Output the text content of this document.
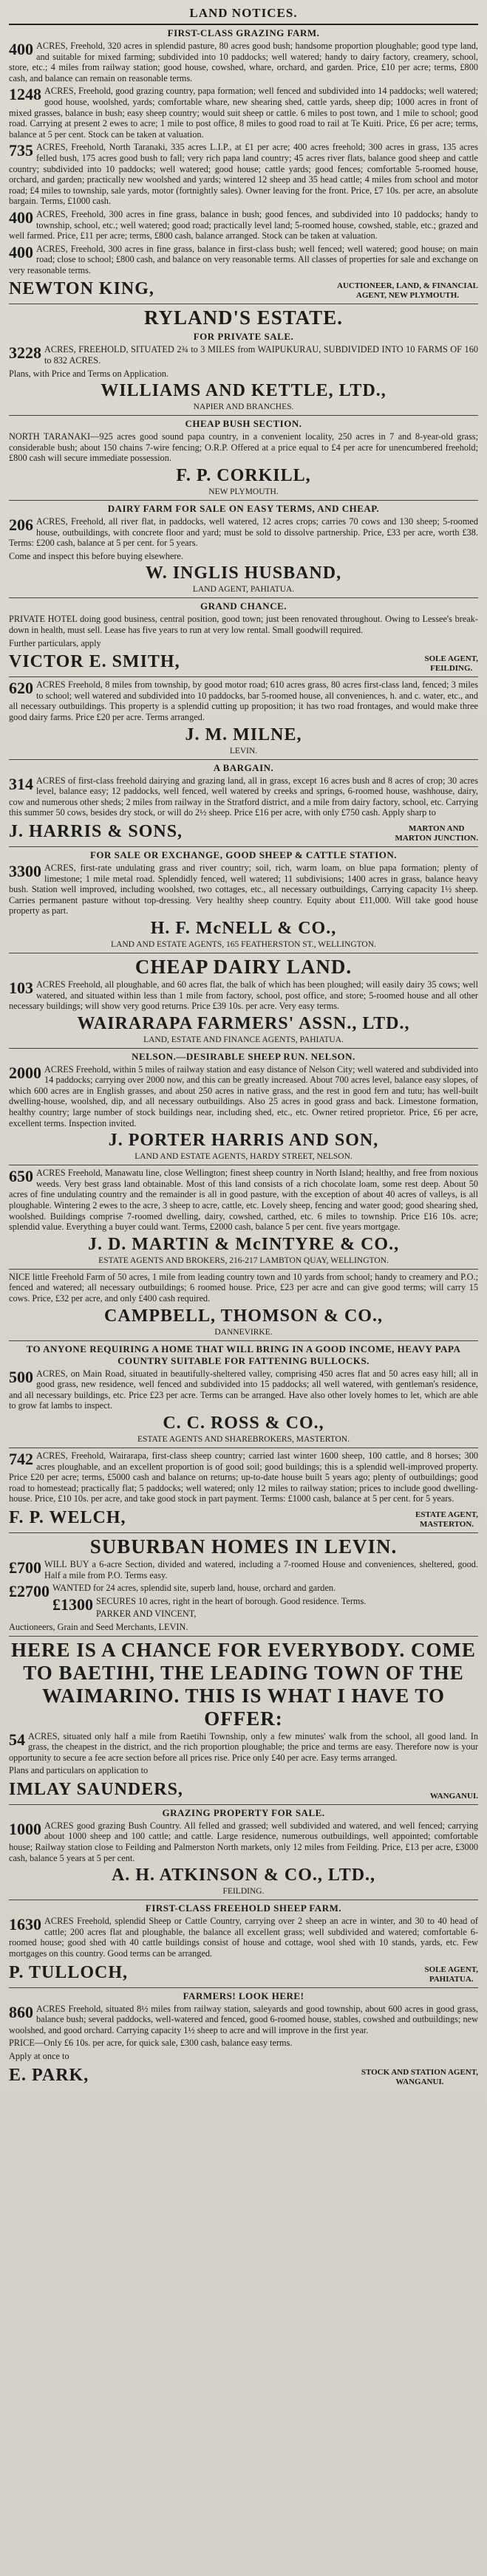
LAND NOTICES.
FIRST-CLASS GRAZING FARM.

400 ACRES, Freehold, 320 acres in splendid pasture, 80 acres good bush; handsome proportion ploughable; good type land, and suitable for mixed farming; subdivided into 10 paddocks; well watered; handy to dairy factory, creamery, school, store, etc.; 4 miles from railway station; good house, cowshed, whare, orchard, and garden. Price, £10 per acre; terms, £800 cash, and balance can remain on reasonable terms.

1248 ACRES, Freehold, good grazing country, papa formation; well fenced and subdivided into 14 paddocks; well watered; good house, woolshed, yards; comfortable whare, new shearing shed, cattle yards, sheep dip; 1000 acres in front of mixed grasses, balance in bush; easy sheep country; would suit sheep or cattle. 6 miles to post town, and 1 mile to school; good road. Carrying at present 2 ewes to acre; 1 mile to post office, 8 miles to good road to rail at Te Kuiti. Price, £6 per acre; terms, balance at 5 per cent. Stock can be taken at valuation.

735 ACRES, Freehold, North Taranaki, 335 acres L.I.P., at £1 per acre; 400 acres freehold; 300 acres in grass, 135 acres felled bush, 175 acres good bush to fall; very rich papa land country; 45 acres river flats, balance good sheep and cattle country; subdivided into 10 paddocks; well watered; good house; cattle yards; good fences; comfortable 5-roomed house, orchard, and garden; practically new woolshed and yards; wintered 12 sheep and 35 head cattle; 4 miles from school and motor road; £4 miles to township, sale yards, motor (fortnightly sales). Owner leaving for the front. Price, £7 10s. per acre, an absolute bargain. Terms, £1000 cash.

400 ACRES, Freehold, 300 acres in fine grass, balance in bush; good fences, and subdivided into 10 paddocks; handy to township, school, etc.; well watered; good road; practically level land; 5-roomed house, cowshed, stable, etc.; grazed and well farmed. Price, £11 per acre; terms, £800 cash, balance arranged. Stock can be taken at valuation.

400 ACRES, Freehold, 300 acres in fine grass, balance in first-class bush; well fenced; well watered; good house; on main road; close to school; £800 cash, and balance on very reasonable terms. All classes of properties for sale and exchange on very reasonable terms.

NEWTON KING,	AUCTIONEER, LAND, & FINANCIAL
AGENT, NEW PLYMOUTH.
RYLAND'S ESTATE.
FOR PRIVATE SALE.

3228 ACRES, FREEHOLD, SITUATED 2¾ to 3 MILES from WAIPUKURAU, SUBDIVIDED INTO 10 FARMS OF 160 to 832 ACRES.

Plans, with Price and Terms on Application.

WILLIAMS AND KETTLE, LTD.,
NAPIER AND BRANCHES.
CHEAP BUSH SECTION.

NORTH TARANAKI—925 acres good sound papa country, in a convenient locality, 250 acres in 7 and 8-year-old grass; considerable bush; about 150 chains 7-wire fencing; O.R.P. Offered at a price equal to £4 per acre for unencumbered freehold; £800 cash will secure immediate possession.

F. P. CORKILL,
NEW PLYMOUTH.
DAIRY FARM FOR SALE ON EASY TERMS, AND CHEAP.

206 ACRES, Freehold, all river flat, in paddocks, well watered, 12 acres crops; carries 70 cows and 130 sheep; 5-roomed house, outbuildings, with concrete floor and yard; must be sold to dissolve partnership. Price, £33 per acre, worth £38. Terms: £200 cash, balance at 5 per cent. for 5 years.

Come and inspect this before buying elsewhere.

W. INGLIS HUSBAND,
LAND AGENT, PAHIATUA.
GRAND CHANCE.

PRIVATE HOTEL doing good business, central position, good town; just been renovated throughout. Owing to Lessee's break-down in health, must sell. Lease has five years to run at very low rental. Small goodwill required.

Further particulars, apply

VICTOR E. SMITH,	SOLE AGENT,
FEILDING.

620 ACRES Freehold, 8 miles from township, by good motor road; 610 acres grass, 80 acres first-class land, fenced; 3 miles to school; well watered and subdivided into 10 paddocks, bar 5-roomed house, all conveniences, h. and c. water, etc., and all necessary outbuildings. This property is a splendid cutting up proposition; it has two road frontages, and would make three good dairy farms. Price £20 per acre. Terms arranged.

J. M. MILNE,
LEVIN.
A BARGAIN.

314 ACRES of first-class freehold dairying and grazing land, all in grass, except 16 acres bush and 8 acres of crop; 30 acres level, balance easy; 12 paddocks, well fenced, well watered by creeks and springs, 6-roomed house, washhouse, dairy, cow and numerous other sheds; 2 miles from railway in the Stratford district, and a mile from dairy factory, school, etc. Carrying this summer 50 cows, besides dry stock, or will do 2½ sheep. Price £16 per acre, with only £750 cash. Apply sharp to

J. HARRIS & SONS,	MARTON AND
MARTON JUNCTION.
FOR SALE OR EXCHANGE, GOOD SHEEP & CATTLE STATION.

3300 ACRES, first-rate undulating grass and river country; soil, rich, warm loam, on blue papa formation; plenty of limestone; 1 mile metal road. Splendidly fenced, well watered; 11 subdivisions; 1400 acres in grass, balance heavy bush. Station well improved, including woolshed, two cottages, etc., all necessary outbuildings, Carrying capacity 1½ sheep. Carries permanent pasture without top-dressing. Very healthy sheep country. Equity about £11,000. Will take good house property as part.

H. F. McNELL & CO.,
LAND AND ESTATE AGENTS, 165 FEATHERSTON ST., WELLINGTON.
CHEAP DAIRY LAND.

103 ACRES Freehold, all ploughable, and 60 acres flat, the balk of which has been ploughed; will easily dairy 35 cows; well watered, and situated within less than 1 mile from factory, school, post office, and store; 5-roomed house and all other necessary buildings; will show very good returns. Price £39 10s. per acre. Very easy terms.

WAIRARAPA FARMERS' ASSN., LTD.,
LAND, ESTATE AND FINANCE AGENTS, PAHIATUA.
NELSON.—DESIRABLE SHEEP RUN. NELSON.

2000 ACRES Freehold, within 5 miles of railway station and easy distance of Nelson City; well watered and subdivided into 14 paddocks; carrying over 2000 now, and this can be greatly increased. About 700 acres level, balance easy slopes, of which 600 acres are in English grasses, and about 250 acres in native grass, and the rest in good fern and tutu; has well-built dwelling-house, woolshed, dip, and all necessary outbuildings. Also 25 acres in good grass and back. Limestone formation, healthy country; large number of stock buildings near, including shed, etc., etc. Owner retired proprietor. Price, £6 per acre, excellent terms. Inspection invited.

J. PORTER HARRIS AND SON,
LAND AND ESTATE AGENTS, HARDY STREET, NELSON.

650 ACRES Freehold, Manawatu line, close Wellington; finest sheep country in North Island; healthy, and free from noxious weeds. Very best grass land obtainable. Most of this land consists of a rich chocolate loam, some rest deep. About 50 acres of fine undulating country and the remainder is all in good pasture, with the exception of about 40 acres of valleys, is all ploughable. Wintering 2 ewes to the acre, 3 sheep to acre, cattle, etc. Lovely sheep, fencing and water good; good shearing shed, woolshed. Buildings comprise 7-roomed dwelling, dairy, cowshed, carthed, etc. 6 miles to township. Price £16 10s. acre; splendid value. Everything a buyer could want. Terms, £2000 cash, balance 5 per cent. five years mortgage.

J. D. MARTIN & McINTYRE & CO.,
ESTATE AGENTS AND BROKERS, 216-217 LAMBTON QUAY, WELLINGTON.

NICE little Freehold Farm of 50 acres, 1 mile from leading country town and 10 yards from school; handy to creamery and P.O.; fenced and watered; all necessary outbuildings; 6 roomed house. Price, £23 per acre and can give good terms; will carry 15 cows. Price, £32 per acre, and only £400 cash required.

CAMPBELL, THOMSON & CO.,
DANNEVIRKE.
TO ANYONE REQUIRING A HOME THAT WILL BRING IN A GOOD INCOME, HEAVY PAPA COUNTRY SUITABLE FOR FATTENING BULLOCKS.

500 ACRES, on Main Road, situated in beautifully-sheltered valley, comprising 450 acres flat and 50 acres easy hill; all in good grass, new residence, well fenced and subdivided into 15 paddocks; all well watered, with gentleman's residence, and all necessary buildings, etc. Price £23 per acre. Terms can be arranged. Have also other lovely homes to let, which are able to grow fat lambs to inspect.

C. C. ROSS & CO.,
ESTATE AGENTS AND SHAREBROKERS, MASTERTON.

742 ACRES, Freehold, Wairarapa, first-class sheep country; carried last winter 1600 sheep, 100 cattle, and 8 horses; 300 acres ploughable, and an excellent proportion is of good soil; good buildings; this is a splendid well-improved property. Price £20 per acre; terms, £5000 cash and balance on returns; up-to-date house built 5 years ago; plenty of outbuildings; good road to homestead; practically flat; 5 paddocks; well watered; only 12 miles to railway station; prices to include good dwelling-house. Price, £10 10s. per acre, and take good stock in part payment. Terms: £1000 cash, balance at 5 per cent. for 5 years.

F. P. WELCH,	ESTATE AGENT,
MASTERTON.
SUBURBAN HOMES IN LEVIN.

£700 WILL BUY a 6-acre Section, divided and watered, including a 7-roomed House and conveniences, sheltered, good. Half a mile from P.O. Terms easy.

£2700 WANTED for 24 acres, splendid site, superb land, house, orchard and garden.

£1300 SECURES 10 acres, right in the heart of borough. Good residence. Terms.

PARKER AND VINCENT,

Auctioneers, Grain and Seed Merchants, LEVIN.

HERE IS A CHANCE FOR EVERYBODY. COME TO BAETIHI, THE LEADING TOWN OF THE WAIMARINO. THIS IS WHAT I HAVE TO OFFER:

54 ACRES, situated only half a mile from Raetihi Township, only a few minutes' walk from the school, all good land. In grass, the cheapest in the district, and the rich proportion ploughable; the price and terms are easy. Therefore now is your opportunity to secure a fee acre section before all prices rise. Price only £40 per acre. Easy terms arranged.

Plans and particulars on application to

IMLAY SAUNDERS,	WANGANUI.
GRAZING PROPERTY FOR SALE.

1000 ACRES good grazing Bush Country. All felled and grassed; well subdivided and watered, and well fenced; carrying about 1000 sheep and 100 cattle; and cattle. Large residence, numerous outbuildings, well appointed; comfortable house; Railway station close to Feilding and Palmerston North markets, only 12 miles from Feilding. Price, £13 per acre, £3000 cash, balance 5 years at 5 per cent.

A. H. ATKINSON & CO., LTD.,
FEILDING.
FIRST-CLASS FREEHOLD SHEEP FARM.

1630 ACRES Freehold, splendid Sheep or Cattle Country, carrying over 2 sheep an acre in winter, and 30 to 40 head of cattle; 200 acres flat and ploughable, the balance all excellent grass; well subdivided and watered; comfortable 6-roomed house; good shed with 40 cattle buildings consist of house and cottage, wool shed with 10 stands, yards, etc. Few mortgages on this country. Good terms can be arranged.

P. TULLOCH,	SOLE AGENT,
PAHIATUA.
FARMERS! LOOK HERE!

860 ACRES Freehold, situated 8½ miles from railway station, saleyards and good township, about 600 acres in good grass, balance bush; several paddocks, well-watered and fenced, good 6-roomed house, stables, cowshed and outbuildings; new woolshed, and good orchard. Carrying capacity 1½ sheep to acre and will improve in the first year.

PRICE—Only £6 10s. per acre, for quick sale, £300 cash, balance easy terms.

Apply at once to

E. PARK,	STOCK AND STATION AGENT,
WANGANUI.
